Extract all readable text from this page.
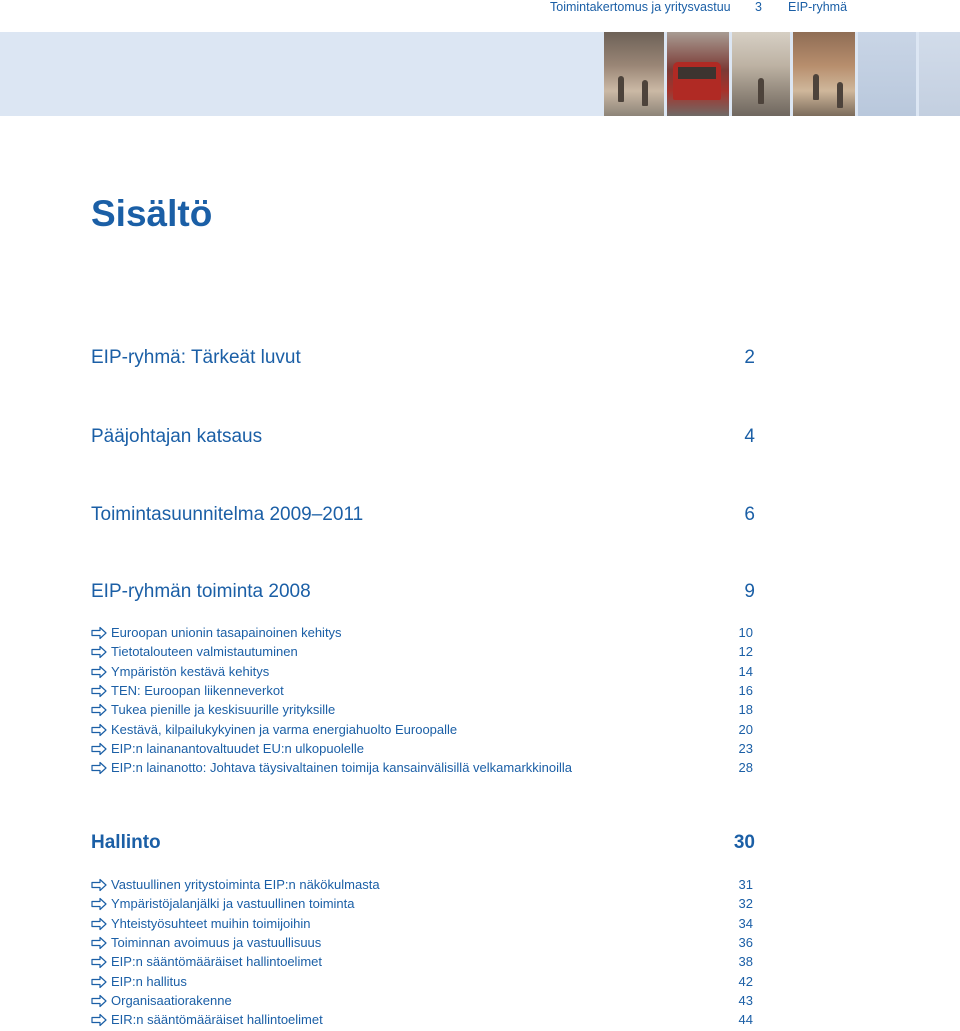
Toimintakertomus ja yritysvastuu 3 EIP-ryhmä
Sisältö
EIP-ryhmä: Tärkeät luvut	2
Pääjohtajan katsaus	4
Toimintasuunnitelma 2009–2011	6
EIP-ryhmän toiminta 2008	9
Euroopan unionin tasapainoinen kehitys	10
Tietotalouteen valmistautuminen	12
Ympäristön kestävä kehitys	14
TEN: Euroopan liikenneverkot	16
Tukea pienille ja keskisuurille yrityksille	18
Kestävä, kilpailukykyinen ja varma energiahuolto Euroopalle	20
EIP:n lainanantovaltuudet EU:n ulkopuolelle	23
EIP:n lainanotto: Johtava täysivaltainen toimija kansainvälisillä velkamarkkinoilla	28
Hallinto	30
Vastuullinen yritystoiminta EIP:n näkökulmasta	31
Ympäristöjalanjälki ja vastuullinen toiminta	32
Yhteistyösuhteet muihin toimijoihin	34
Toiminnan avoimuus ja vastuullisuus	36
EIP:n sääntömääräiset hallintoelimet	38
EIP:n hallitus	42
Organisaatiorakenne	43
EIR:n sääntömääräiset hallintoelimet	44
